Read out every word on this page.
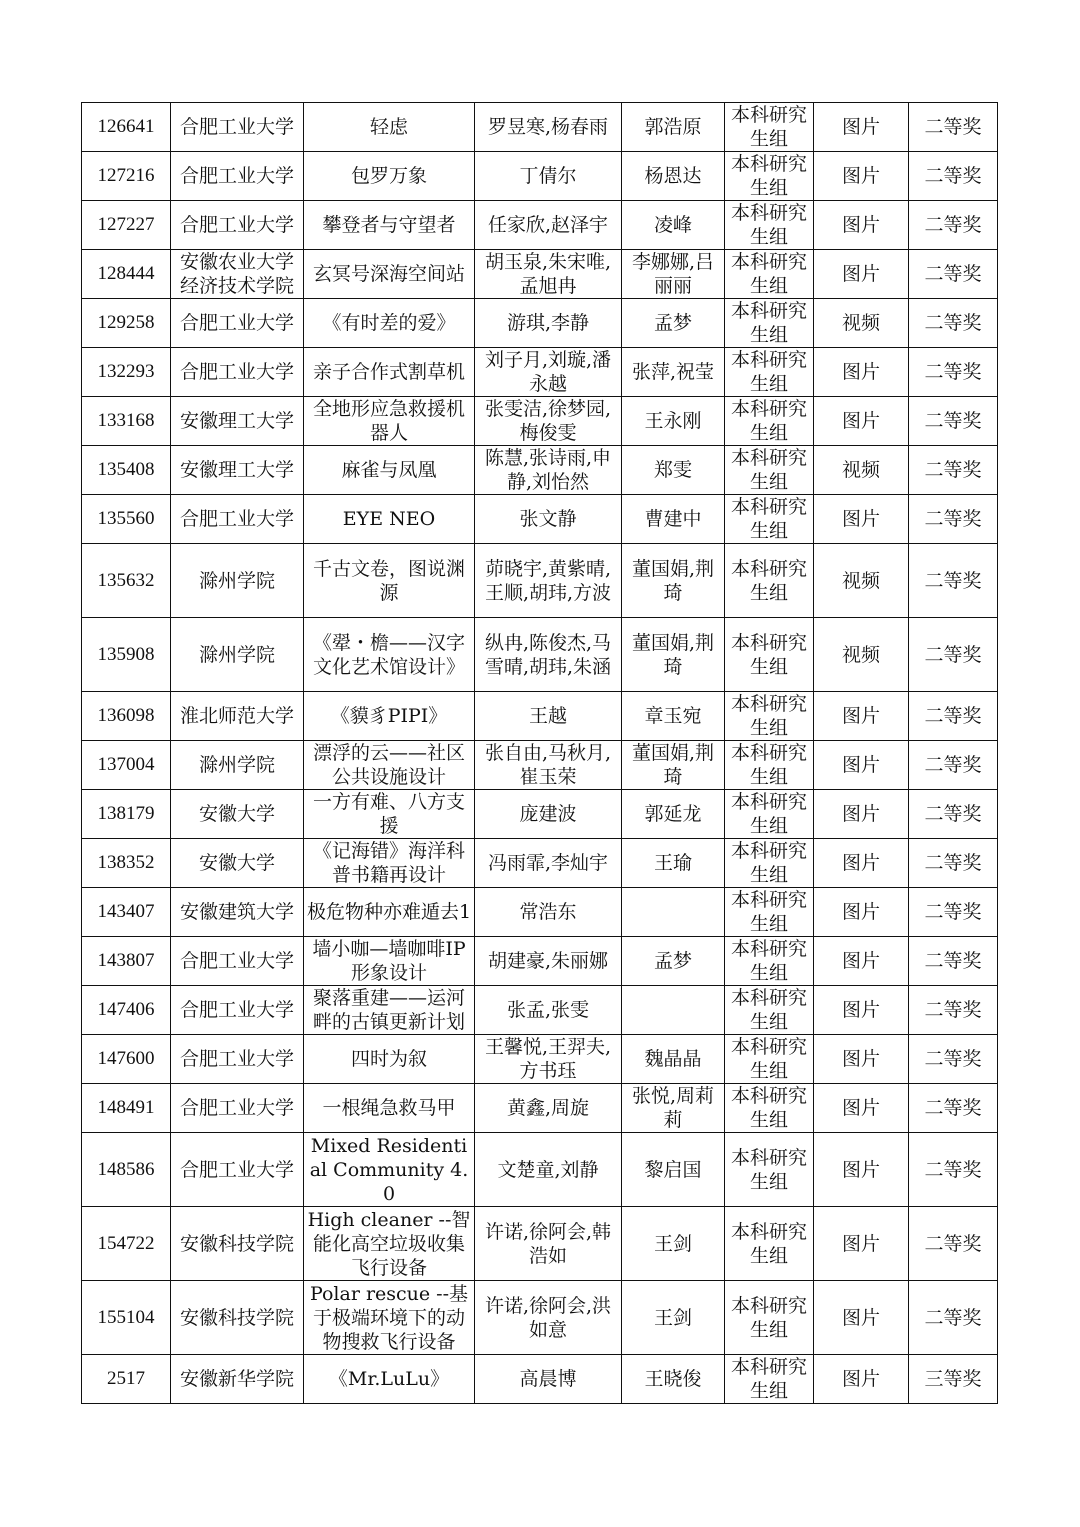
126641	合肥工业大学	轻虑	罗昱寒,杨春雨	郭浩原	本科研究生组	图片	二等奖
127216	合肥工业大学	包罗万象	丁倩尔	杨恩达	本科研究生组	图片	二等奖
127227	合肥工业大学	攀登者与守望者	任家欣,赵泽宇	凌峰	本科研究生组	图片	二等奖
128444	安徽农业大学经济技术学院	玄冥号深海空间站	胡玉泉,朱宋唯,孟旭冉	李娜娜,吕丽丽	本科研究生组	图片	二等奖
129258	合肥工业大学	《有时差的爱》	游琪,李静	孟梦	本科研究生组	视频	二等奖
132293	合肥工业大学	亲子合作式割草机	刘子月,刘璇,潘永越	张萍,祝莹	本科研究生组	图片	二等奖
133168	安徽理工大学	全地形应急救援机器人	张雯洁,徐梦园,梅俊雯	王永刚	本科研究生组	图片	二等奖
135408	安徽理工大学	麻雀与凤凰	陈慧,张诗雨,申静,刘怡然	郑雯	本科研究生组	视频	二等奖
135560	合肥工业大学	EYE NEO	张文静	曹建中	本科研究生组	图片	二等奖
135632	滁州学院	千古文卷，图说渊源	茆晓宇,黄紫晴,王顺,胡玮,方波	董国娟,荆琦	本科研究生组	视频	二等奖
135908	滁州学院	《翚・檐——汉字文化艺术馆设计》	纵冉,陈俊杰,马雪晴,胡玮,朱涵	董国娟,荆琦	本科研究生组	视频	二等奖
136098	淮北师范大学	《貘豸PIPI》	王越	章玉宛	本科研究生组	图片	二等奖
137004	滁州学院	漂浮的云——社区公共设施设计	张自由,马秋月,崔玉荣	董国娟,荆琦	本科研究生组	图片	二等奖
138179	安徽大学	一方有难、八方支援	庞建波	郭延龙	本科研究生组	图片	二等奖
138352	安徽大学	《记海错》海洋科普书籍再设计	冯雨霏,李灿宇	王瑜	本科研究生组	图片	二等奖
143407	安徽建筑大学	极危物种亦难遁去1	常浩东		本科研究生组	图片	二等奖
143807	合肥工业大学	墙小咖—墙咖啡IP形象设计	胡建豪,朱丽娜	孟梦	本科研究生组	图片	二等奖
147406	合肥工业大学	聚落重建——运河畔的古镇更新计划	张孟,张雯		本科研究生组	图片	二等奖
147600	合肥工业大学	四时为叙	王馨悦,王羿夫,方书珏	魏晶晶	本科研究生组	图片	二等奖
148491	合肥工业大学	一根绳急救马甲	黄鑫,周旋	张悦,周莉莉	本科研究生组	图片	二等奖
148586	合肥工业大学	Mixed Residential Community 4.0	文楚童,刘静	黎启国	本科研究生组	图片	二等奖
154722	安徽科技学院	High cleaner --智能化高空垃圾收集飞行设备	许诺,徐阿会,韩浩如	王剑	本科研究生组	图片	二等奖
155104	安徽科技学院	Polar rescue --基于极端环境下的动物搜救飞行设备	许诺,徐阿会,洪如意	王剑	本科研究生组	图片	二等奖
2517	安徽新华学院	《Mr.LuLu》	高晨博	王晓俊	本科研究生组	图片	三等奖
